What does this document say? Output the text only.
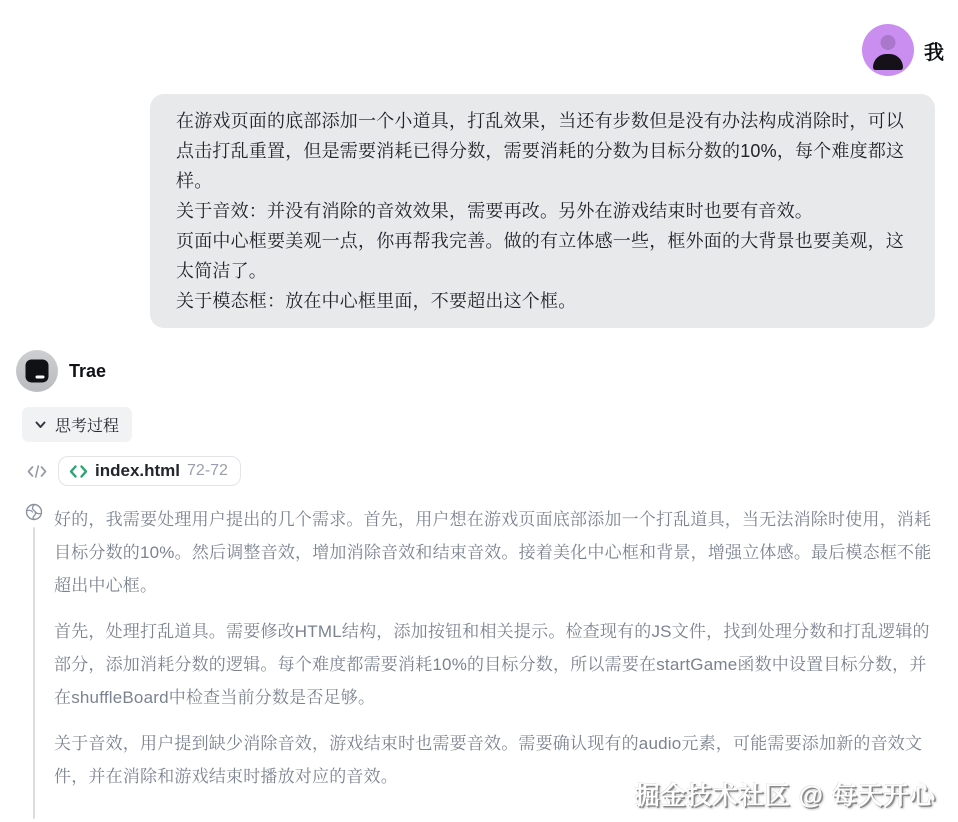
我

在游戏页面的底部添加一个小道具，打乱效果，当还有步数但是没有办法构成消除时，可以点击打乱重置，但是需要消耗已得分数，需要消耗的分数为目标分数的10%，每个难度都这样。

关于音效：并没有消除的音效效果，需要再改。另外在游戏结束时也要有音效。

页面中心框要美观一点，你再帮我完善。做的有立体感一些，框外面的大背景也要美观，这太简洁了。

关于模态框：放在中心框里面，不要超出这个框。

Trae
思考过程
index.html 72-72

好的，我需要处理用户提出的几个需求。首先，用户想在游戏页面底部添加一个打乱道具，当无法消除时使用，消耗目标分数的10%。然后调整音效，增加消除音效和结束音效。接着美化中心框和背景，增强立体感。最后模态框不能超出中心框。

首先，处理打乱道具。需要修改HTML结构，添加按钮和相关提示。检查现有的JS文件，找到处理分数和打乱逻辑的部分，添加消耗分数的逻辑。每个难度都需要消耗10%的目标分数，所以需要在startGame函数中设置目标分数，并在shuffleBoard中检查当前分数是否足够。

关于音效，用户提到缺少消除音效，游戏结束时也需要音效。需要确认现有的audio元素，可能需要添加新的音效文件，并在消除和游戏结束时播放对应的音效。

掘金技术社区 @ 每天开心
